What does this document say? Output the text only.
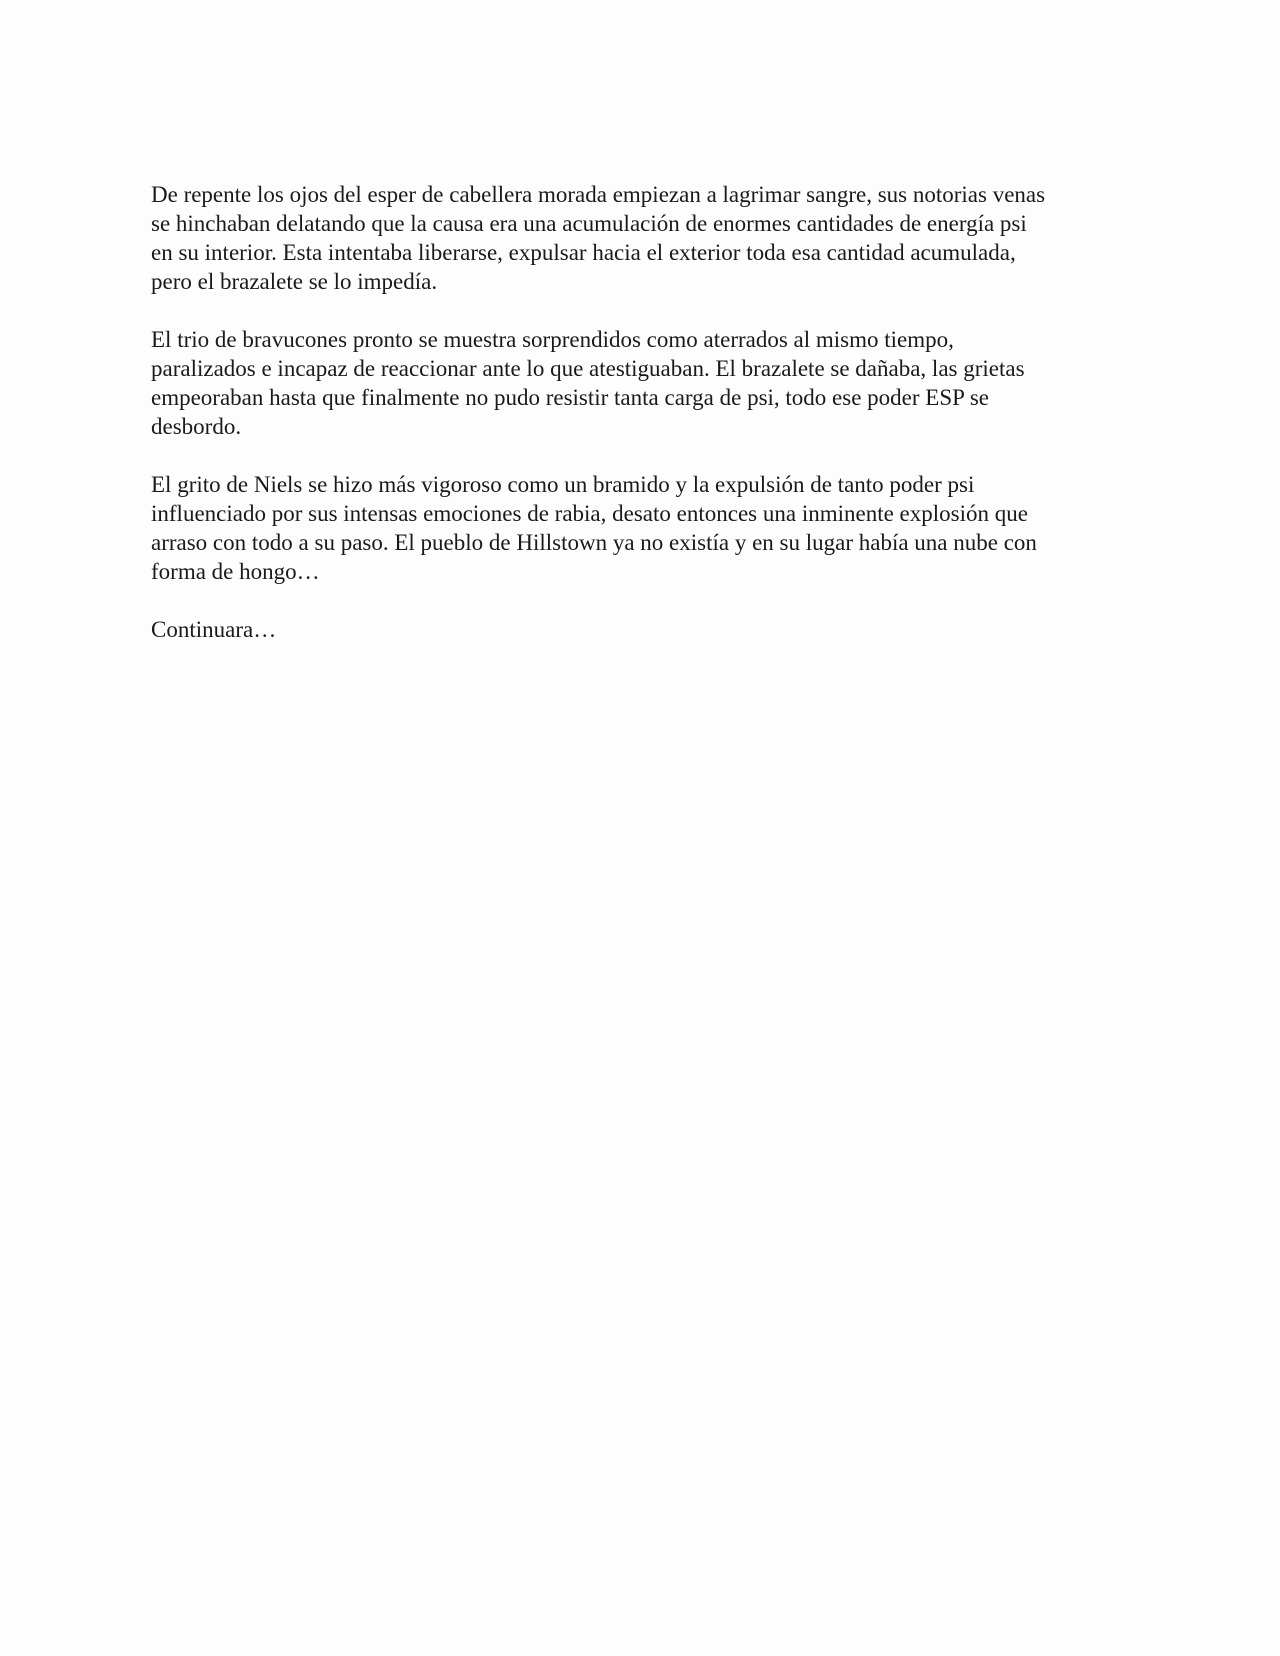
De repente los ojos del esper de cabellera morada empiezan a lagrimar sangre, sus notorias venas
se hinchaban delatando que la causa era una acumulación de enormes cantidades de energía psi
en su interior. Esta intentaba liberarse, expulsar hacia el exterior toda esa cantidad acumulada,
pero el brazalete se lo impedía.

El trio de bravucones pronto se muestra sorprendidos como aterrados al mismo tiempo,
paralizados e incapaz de reaccionar ante lo que atestiguaban. El brazalete se dañaba, las grietas
empeoraban hasta que finalmente no pudo resistir tanta carga de psi, todo ese poder ESP se
desbordo.

El grito de Niels se hizo más vigoroso como un bramido y la expulsión de tanto poder psi
influenciado por sus intensas emociones de rabia, desato entonces una inminente explosión que
arraso con todo a su paso. El pueblo de Hillstown ya no existía y en su lugar había una nube con
forma de hongo…

Continuara…
